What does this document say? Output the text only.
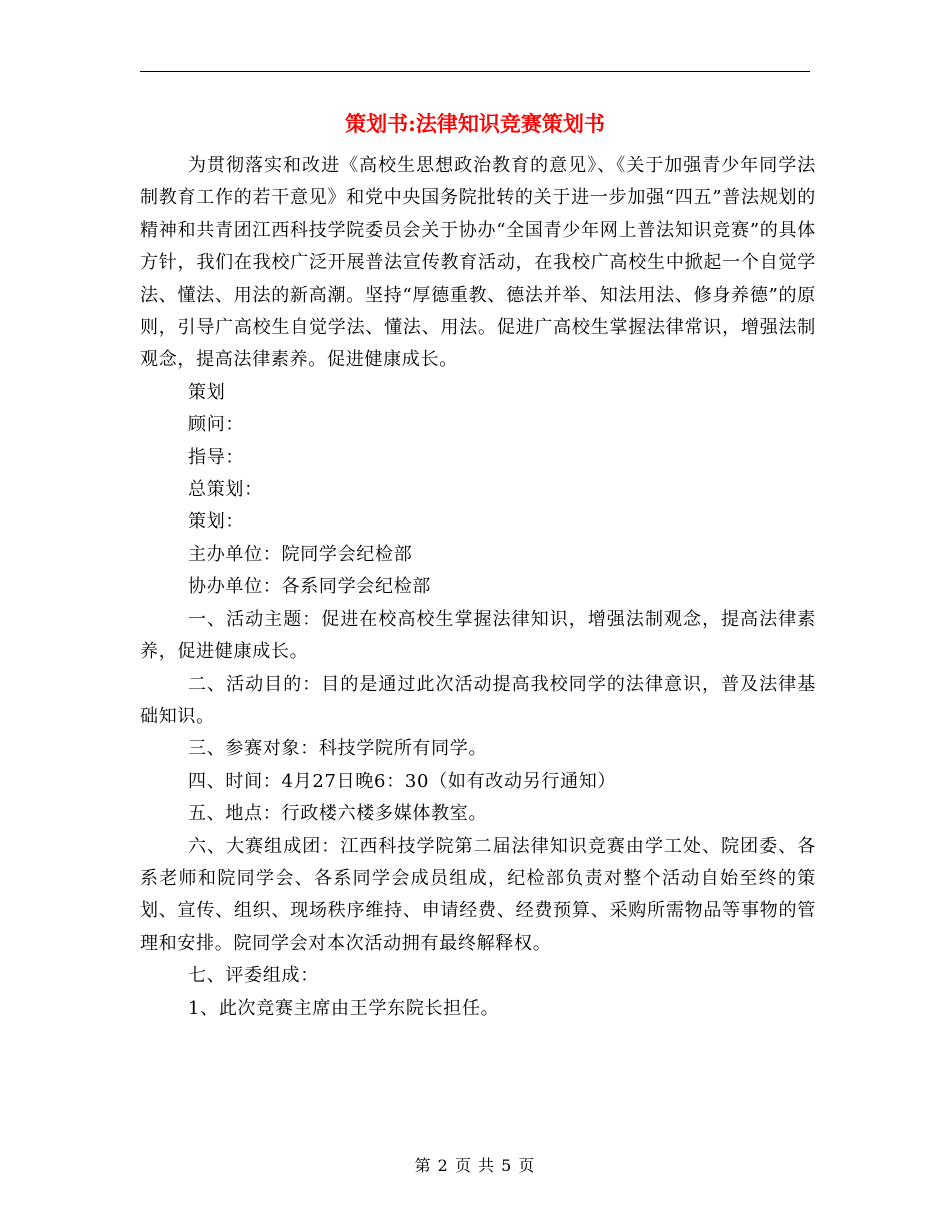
策划书:法律知识竞赛策划书

为贯彻落实和改进《高校生思想政治教育的意见》、《关于加强青少年同学法制教育工作的若干意见》和党中央国务院批转的关于进一步加强“四五”普法规划的精神和共青团江西科技学院委员会关于协办“全国青少年网上普法知识竞赛”的具体方针，我们在我校广泛开展普法宣传教育活动，在我校广高校生中掀起一个自觉学法、懂法、用法的新高潮。坚持“厚德重教、德法并举、知法用法、修身养德”的原则，引导广高校生自觉学法、懂法、用法。促进广高校生掌握法律常识，增强法制观念，提高法律素养。促进健康成长。

策划

顾问：

指导：

总策划：

策划：

主办单位：院同学会纪检部

协办单位：各系同学会纪检部

一、活动主题：促进在校高校生掌握法律知识，增强法制观念，提高法律素养，促进健康成长。

二、活动目的：目的是通过此次活动提高我校同学的法律意识，普及法律基础知识。

三、参赛对象：科技学院所有同学。

四、时间：4月27日晚6：30（如有改动另行通知）

五、地点：行政楼六楼多媒体教室。

六、大赛组成团：江西科技学院第二届法律知识竞赛由学工处、院团委、各系老师和院同学会、各系同学会成员组成，纪检部负责对整个活动自始至终的策划、宣传、组织、现场秩序维持、申请经费、经费预算、采购所需物品等事物的管理和安排。院同学会对本次活动拥有最终解释权。

七、评委组成：

1、此次竞赛主席由王学东院长担任。

第 2 页 共 5 页
